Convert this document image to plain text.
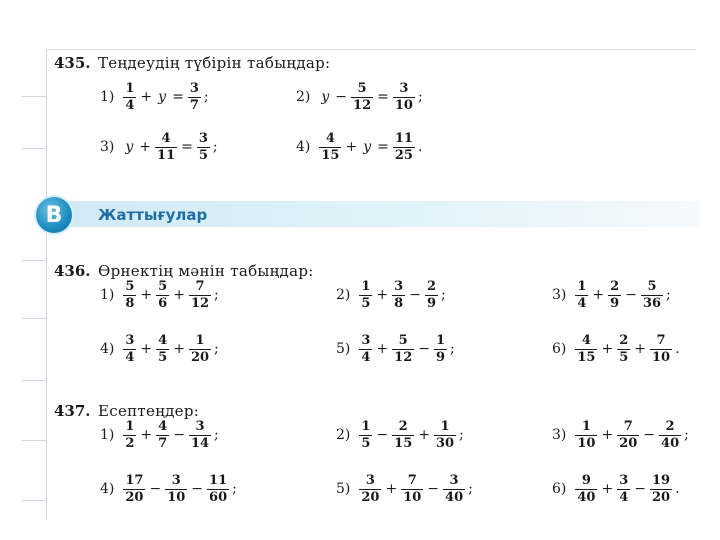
435. Теңдеудің түбірін табыңдар:
$1) \frac{1}{4} + y = \frac{3}{7}$ ;	2) $y - \frac{5}{12} = \frac{3}{10}$ ;
3) $y + \frac{4}{11} = \frac{3}{5}$ ;	$4) \frac{4}{15} + y = \frac{11}{25}$ .
B	Жаттығулар
436. Өрнектің мәнін табыңдар:
$1) \frac{5}{8} + \frac{5}{6} + \frac{7}{12}$ ;	$2) \frac{1}{5} + \frac{3}{8} - \frac{2}{9}$ ;	$3) \frac{1}{4} + \frac{2}{9} - \frac{5}{36}$ ;
$4) \frac{3}{4} + \frac{4}{5} + \frac{1}{20}$ ;	$5) \frac{3}{4} + \frac{5}{12} - \frac{1}{9}$ ;	$6) \frac{4}{15} + \frac{2}{5} + \frac{7}{10}$ .
437. Есептеңдер:
$1) \frac{1}{2} + \frac{4}{7} - \frac{3}{14}$ ;	$2) \frac{1}{5} - \frac{2}{15} + \frac{1}{30}$ ;	$3) \frac{1}{10} + \frac{7}{20} - \frac{2}{40}$ ;
$4) \frac{17}{20} - \frac{3}{10} - \frac{11}{60}$ ;	$5) \frac{3}{20} + \frac{7}{10} - \frac{3}{40}$ ;	$6) \frac{9}{40} + \frac{3}{4} - \frac{19}{20}$ .
